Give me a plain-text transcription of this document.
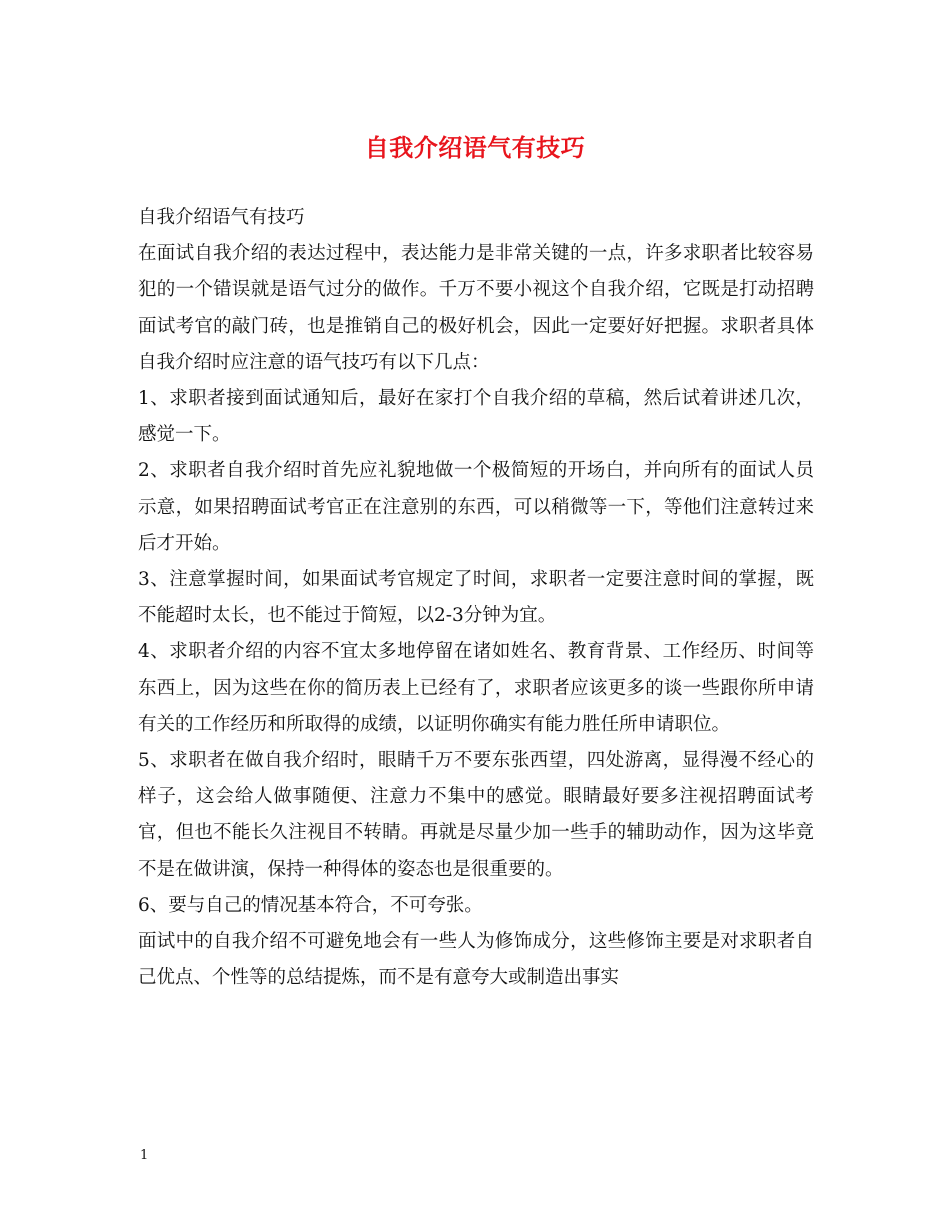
自我介绍语气有技巧

自我介绍语气有技巧

在面试自我介绍的表达过程中，表达能力是非常关键的一点，许多求职者比较容易犯的一个错误就是语气过分的做作。千万不要小视这个自我介绍，它既是打动招聘面试考官的敲门砖，也是推销自己的极好机会，因此一定要好好把握。求职者具体自我介绍时应注意的语气技巧有以下几点：

1、求职者接到面试通知后，最好在家打个自我介绍的草稿，然后试着讲述几次，感觉一下。

2、求职者自我介绍时首先应礼貌地做一个极简短的开场白，并向所有的面试人员示意，如果招聘面试考官正在注意别的东西，可以稍微等一下，等他们注意转过来后才开始。

3、注意掌握时间，如果面试考官规定了时间，求职者一定要注意时间的掌握，既不能超时太长，也不能过于简短，以2-3分钟为宜。

4、求职者介绍的内容不宜太多地停留在诸如姓名、教育背景、工作经历、时间等东西上，因为这些在你的简历表上已经有了，求职者应该更多的谈一些跟你所申请有关的工作经历和所取得的成绩，以证明你确实有能力胜任所申请职位。

5、求职者在做自我介绍时，眼睛千万不要东张西望，四处游离，显得漫不经心的样子，这会给人做事随便、注意力不集中的感觉。眼睛最好要多注视招聘面试考官，但也不能长久注视目不转睛。再就是尽量少加一些手的辅助动作，因为这毕竟不是在做讲演，保持一种得体的姿态也是很重要的。

6、要与自己的情况基本符合，不可夸张。

面试中的自我介绍不可避免地会有一些人为修饰成分，这些修饰主要是对求职者自己优点、个性等的总结提炼，而不是有意夸大或制造出事实

1
